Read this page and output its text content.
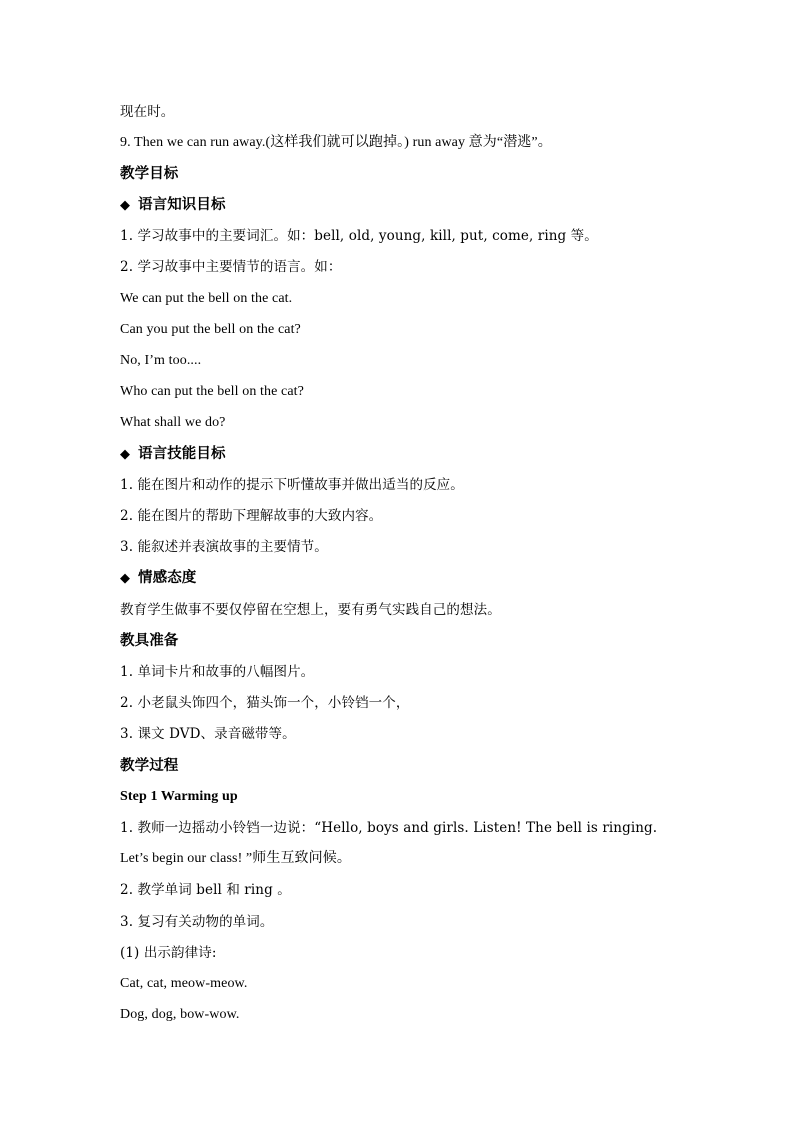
现在时。
9. Then we can run away.(这样我们就可以跑掉。) run away 意为“潜逃”。
教学目标
◆ 语言知识目标
1. 学习故事中的主要词汇。如：bell, old, young, kill, put, come, ring 等。
2. 学习故事中主要情节的语言。如：
We can put the bell on the cat.
Can you put the bell on the cat?
No, I’m too....
Who can put the bell on the cat?
What shall we do?
◆ 语言技能目标
1. 能在图片和动作的提示下听懂故事并做出适当的反应。
2. 能在图片的帮助下理解故事的大致内容。
3. 能叙述并表演故事的主要情节。
◆ 情感态度
教育学生做事不要仅停留在空想上，要有勇气实践自己的想法。
教具准备
1. 单词卡片和故事的八幅图片。
2. 小老鼠头饰四个，猫头饰一个，小铃铛一个，
3. 课文 DVD、录音磁带等。
教学过程
Step 1 Warming up
1. 教师一边摇动小铃铛一边说：“Hello, boys and girls. Listen! The bell is ringing.
Let’s begin our class! ”师生互致问候。
2. 教学单词 bell 和 ring 。
3. 复习有关动物的单词。
(1) 出示韵律诗:
Cat, cat, meow-meow.
Dog, dog, bow-wow.
